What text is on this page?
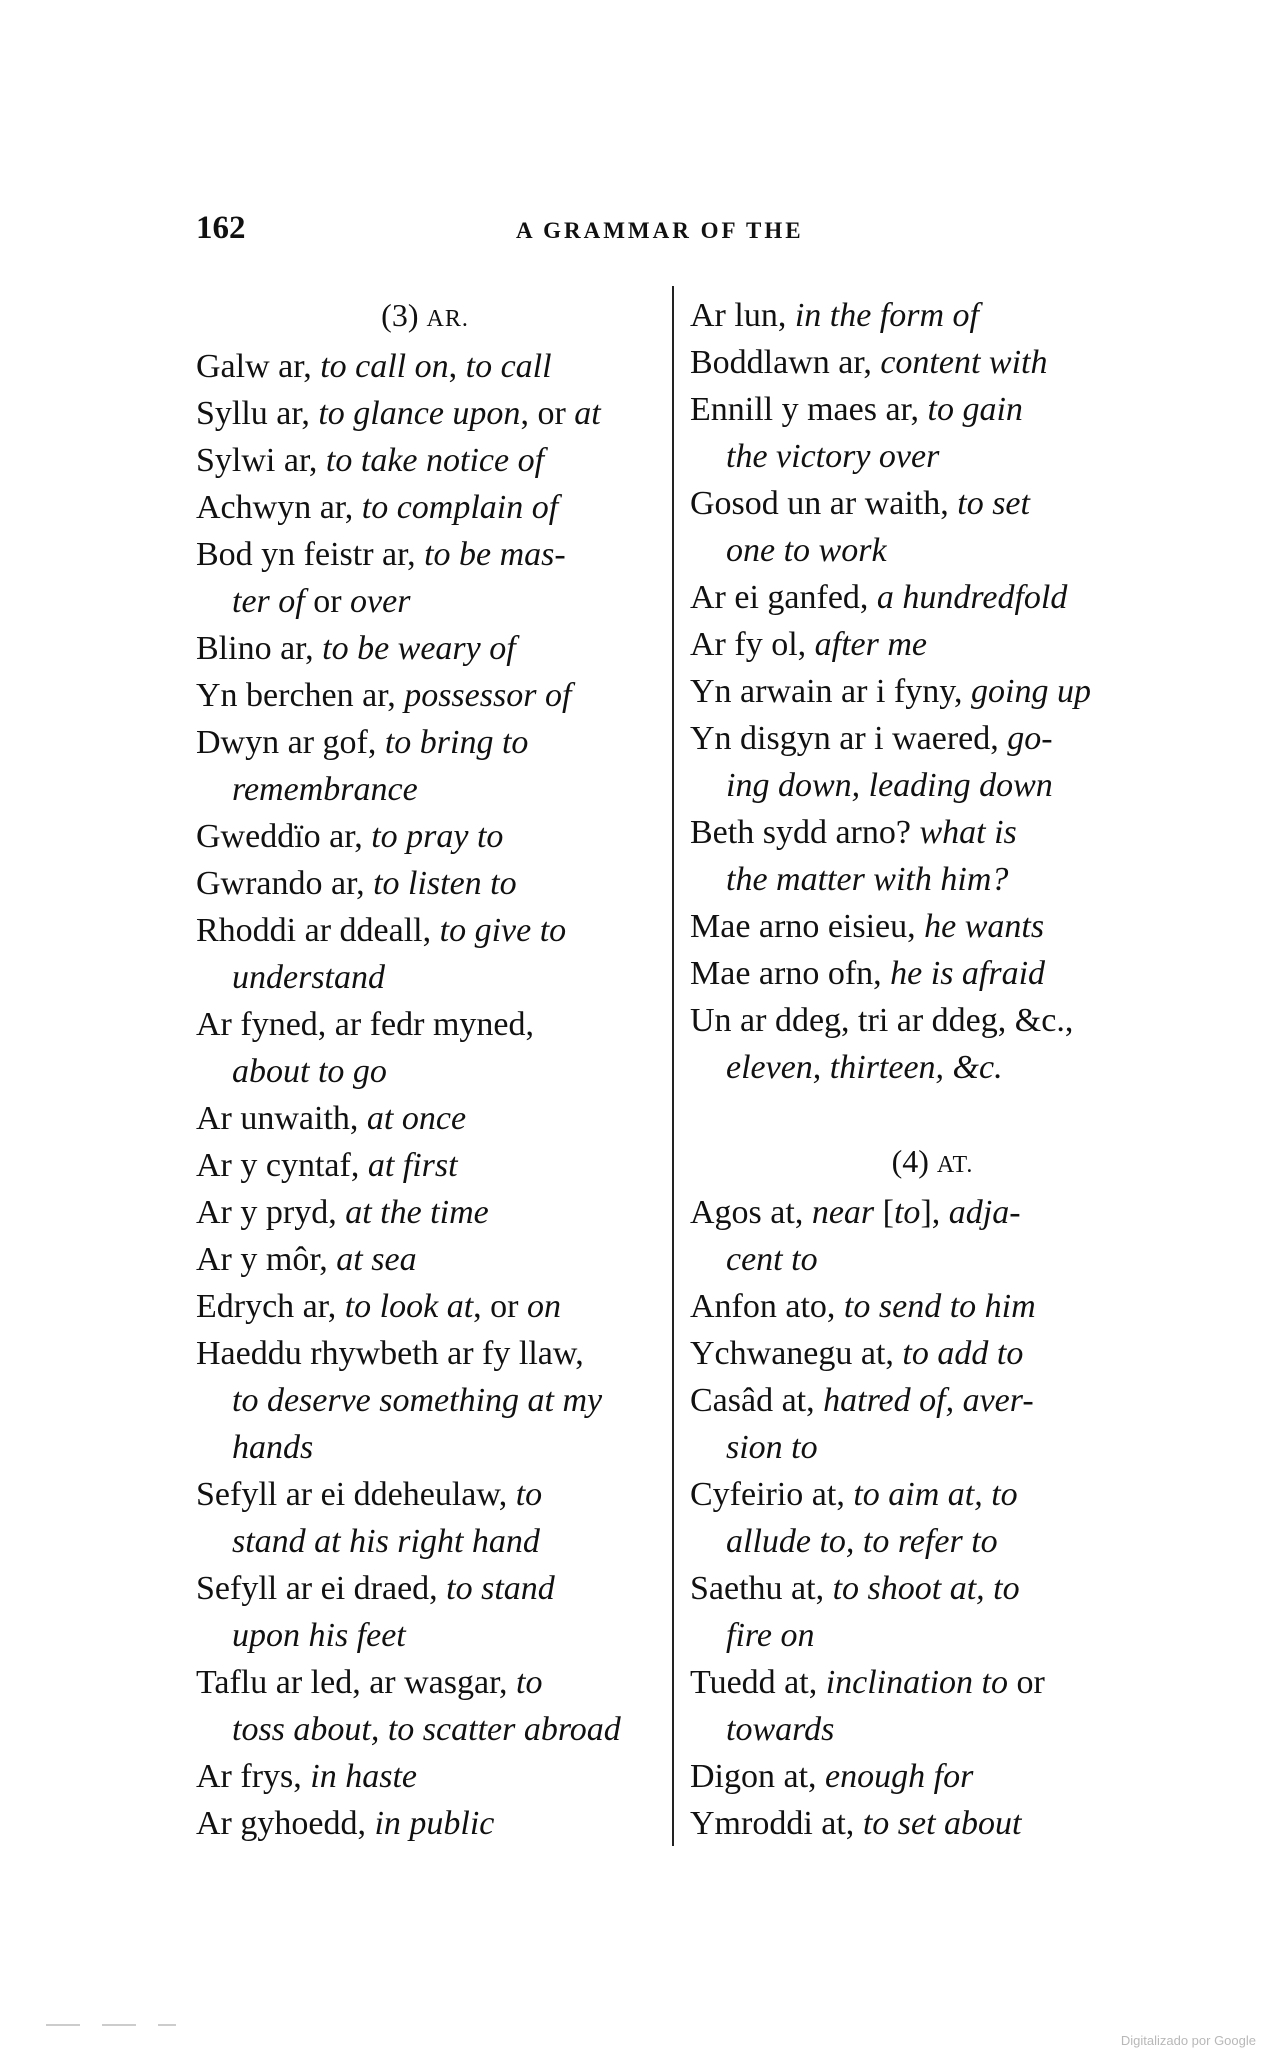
162	A GRAMMAR OF THE
(3) AR.
Galw ar, to call on, to call
Syllu ar, to glance upon, or at
Sylwi ar, to take notice of
Achwyn ar, to complain of
Bod yn feistr ar, to be mas-
ter of or over
Blino ar, to be weary of
Yn berchen ar, possessor of
Dwyn ar gof, to bring to
remembrance
Gweddïo ar, to pray to
Gwrando ar, to listen to
Rhoddi ar ddeall, to give to
understand
Ar fyned, ar fedr myned,
about to go
Ar unwaith, at once
Ar y cyntaf, at first
Ar y pryd, at the time
Ar y môr, at sea
Edrych ar, to look at, or on
Haeddu rhywbeth ar fy llaw,
to deserve something at my
hands
Sefyll ar ei ddeheulaw, to
stand at his right hand
Sefyll ar ei draed, to stand
upon his feet
Taflu ar led, ar wasgar, to
toss about, to scatter abroad
Ar frys, in haste
Ar gyhoedd, in public
Ar lun, in the form of
Boddlawn ar, content with
Ennill y maes ar, to gain
the victory over
Gosod un ar waith, to set
one to work
Ar ei ganfed, a hundredfold
Ar fy ol, after me
Yn arwain ar i fyny, going up
Yn disgyn ar i waered, go-
ing down, leading down
Beth sydd arno? what is
the matter with him?
Mae arno eisieu, he wants
Mae arno ofn, he is afraid
Un ar ddeg, tri ar ddeg, &c.,
eleven, thirteen, &c.
(4) AT.
Agos at, near [to], adja-
cent to
Anfon ato, to send to him
Ychwanegu at, to add to
Casâd at, hatred of, aver-
sion to
Cyfeirio at, to aim at, to
allude to, to refer to
Saethu at, to shoot at, to
fire on
Tuedd at, inclination to or
towards
Digon at, enough for
Ymroddi at, to set about
Digitalizado por Google
